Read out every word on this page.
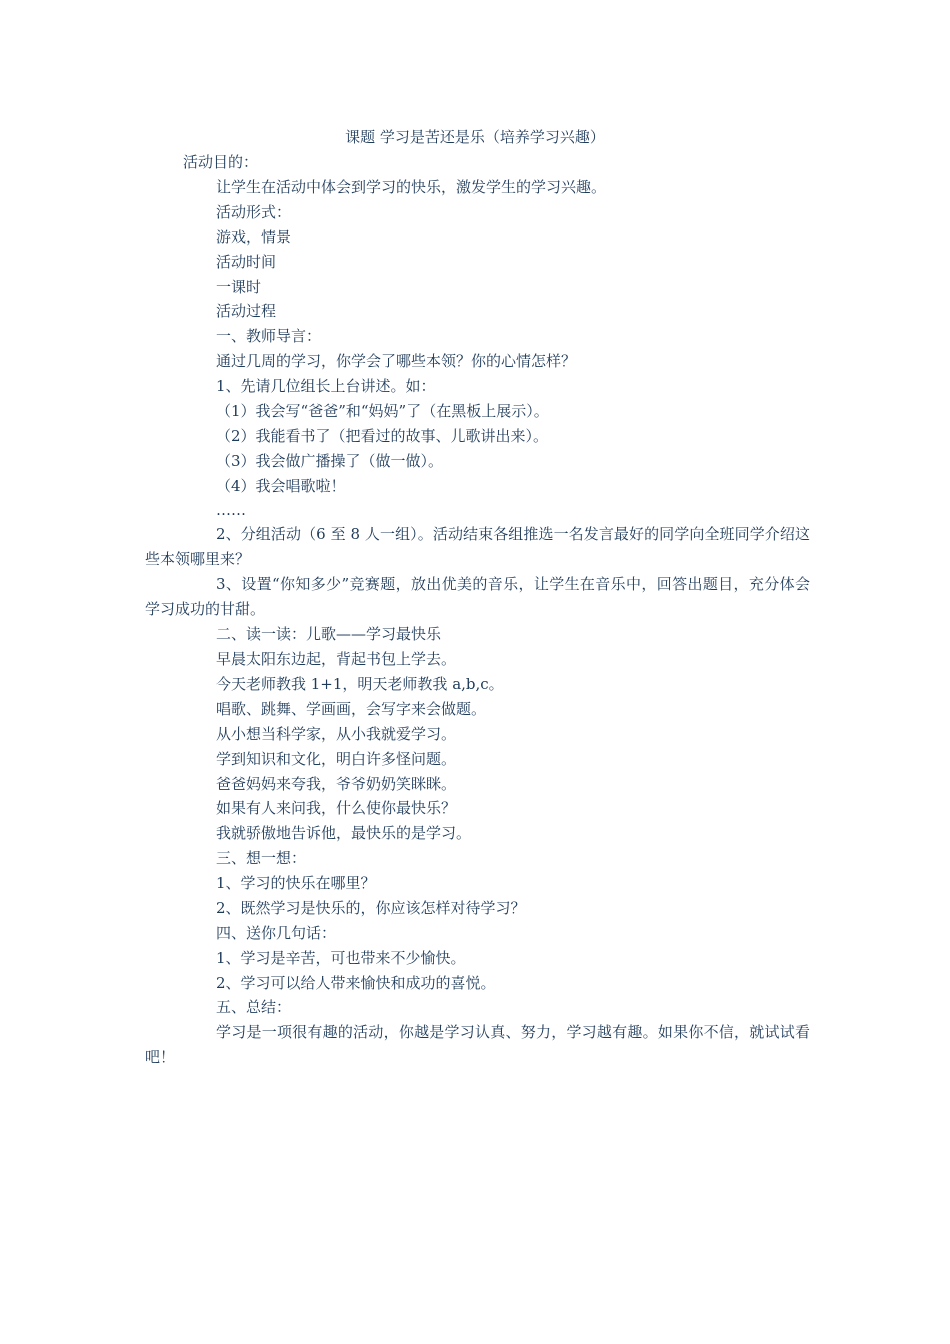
课题 学习是苦还是乐（培养学习兴趣）

活动目的：

让学生在活动中体会到学习的快乐，激发学生的学习兴趣。

活动形式：

游戏，情景

活动时间

一课时

活动过程

一、教师导言：

通过几周的学习，你学会了哪些本领？你的心情怎样？

1、先请几位组长上台讲述。如：

（1）我会写“爸爸”和“妈妈”了（在黑板上展示）。

（2）我能看书了（把看过的故事、儿歌讲出来）。

（3）我会做广播操了（做一做）。

（4）我会唱歌啦！

……

2、分组活动（6 至 8 人一组）。活动结束各组推选一名发言最好的同学向全班同学介绍这些本领哪里来？

3、设置“你知多少”竞赛题，放出优美的音乐，让学生在音乐中，回答出题目，充分体会学习成功的甘甜。

二、读一读：儿歌——学习最快乐

早晨太阳东边起，背起书包上学去。

今天老师教我 1+1，明天老师教我 a,b,c。

唱歌、跳舞、学画画，会写字来会做题。

从小想当科学家，从小我就爱学习。

学到知识和文化，明白许多怪问题。

爸爸妈妈来夸我，爷爷奶奶笑眯眯。

如果有人来问我，什么使你最快乐？

我就骄傲地告诉他，最快乐的是学习。

三、想一想：

1、学习的快乐在哪里？

2、既然学习是快乐的，你应该怎样对待学习？

四、送你几句话：

1、学习是辛苦，可也带来不少愉快。

2、学习可以给人带来愉快和成功的喜悦。

五、总结：

学习是一项很有趣的活动，你越是学习认真、努力，学习越有趣。如果你不信，就试试看吧！
